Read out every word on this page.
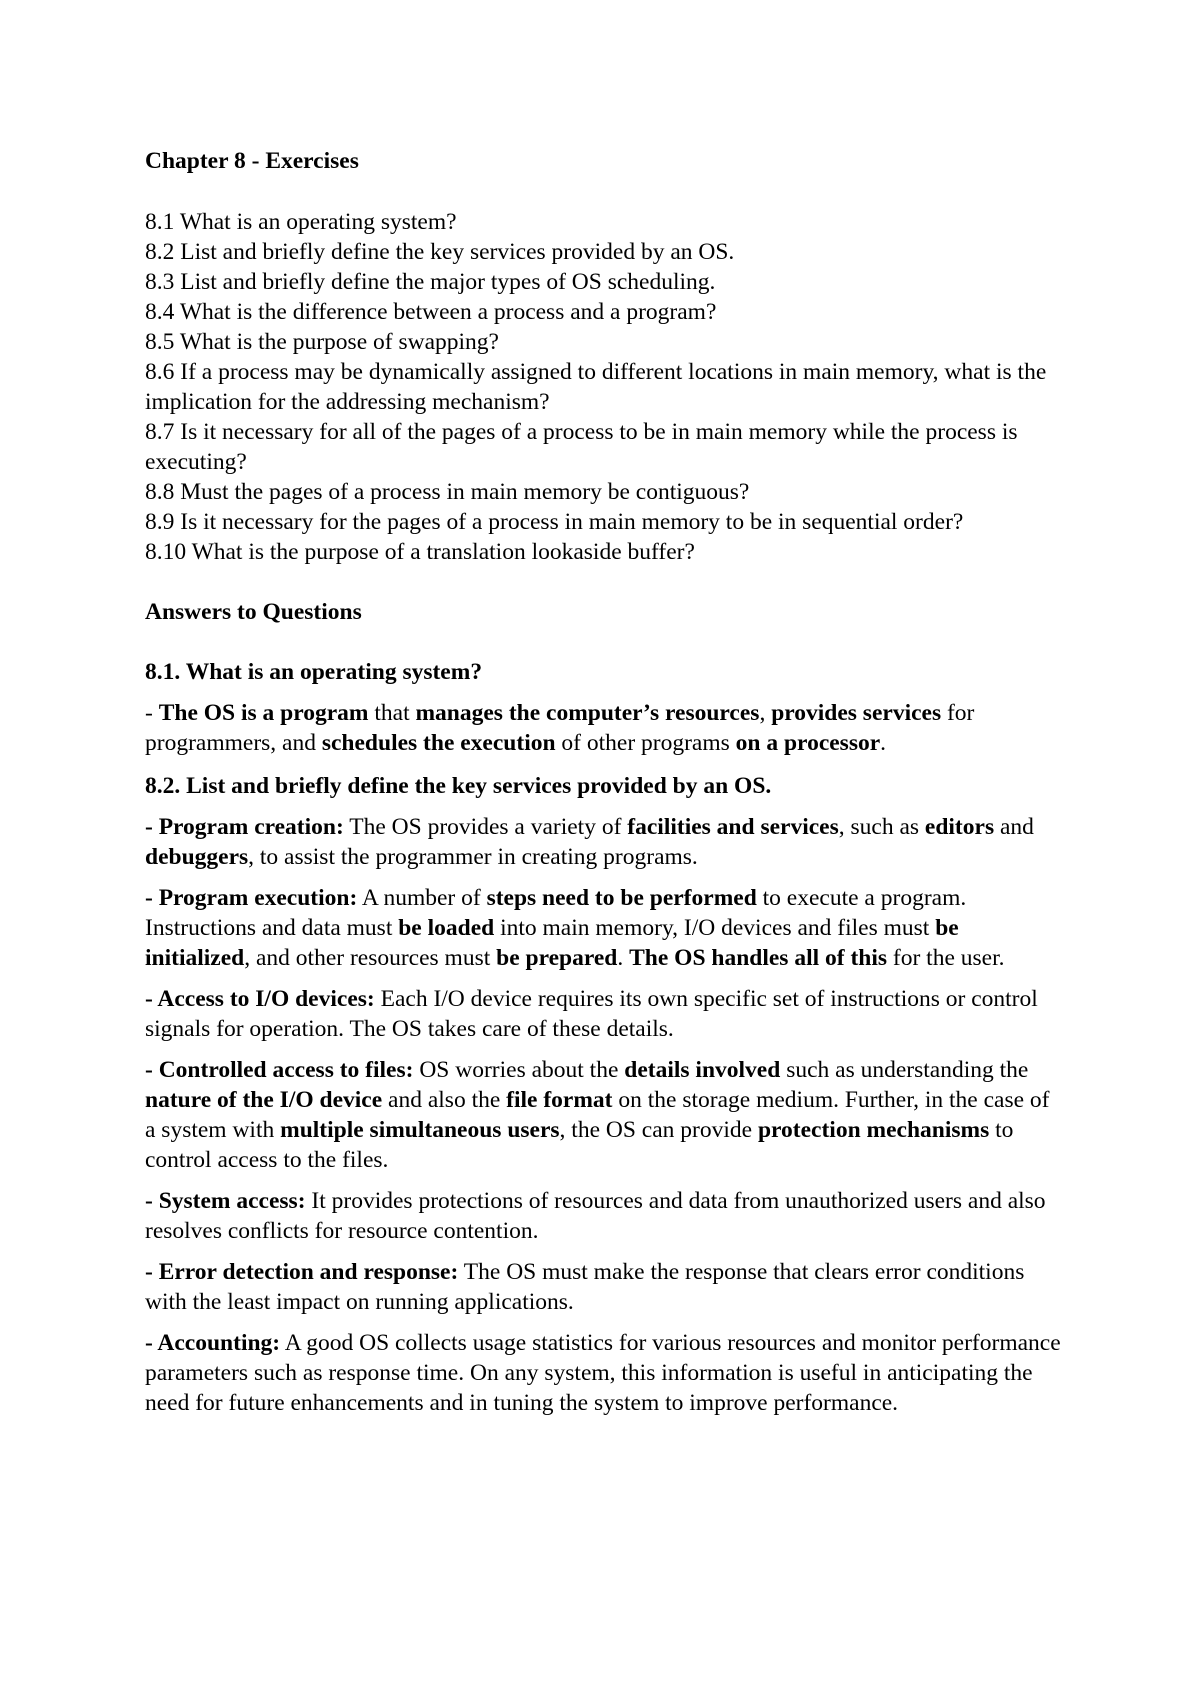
Chapter 8 - Exercises
8.1 What is an operating system?
8.2 List and briefly define the key services provided by an OS.
8.3 List and briefly define the major types of OS scheduling.
8.4 What is the difference between a process and a program?
8.5 What is the purpose of swapping?
8.6 If a process may be dynamically assigned to different locations in main memory, what is the implication for the addressing mechanism?
8.7 Is it necessary for all of the pages of a process to be in main memory while the process is executing?
8.8 Must the pages of a process in main memory be contiguous?
8.9 Is it necessary for the pages of a process in main memory to be in sequential order?
8.10 What is the purpose of a translation lookaside buffer?
Answers to Questions
8.1. What is an operating system?
- The OS is a program that manages the computer’s resources, provides services for programmers, and schedules the execution of other programs on a processor.
8.2. List and briefly define the key services provided by an OS.
- Program creation: The OS provides a variety of facilities and services, such as editors and debuggers, to assist the programmer in creating programs.
- Program execution: A number of steps need to be performed to execute a program. Instructions and data must be loaded into main memory, I/O devices and files must be initialized, and other resources must be prepared. The OS handles all of this for the user.
- Access to I/O devices: Each I/O device requires its own specific set of instructions or control signals for operation. The OS takes care of these details.
- Controlled access to files: OS worries about the details involved such as understanding the nature of the I/O device and also the file format on the storage medium. Further, in the case of a system with multiple simultaneous users, the OS can provide protection mechanisms to control access to the files.
- System access: It provides protections of resources and data from unauthorized users and also resolves conflicts for resource contention.
- Error detection and response: The OS must make the response that clears error conditions with the least impact on running applications.
- Accounting: A good OS collects usage statistics for various resources and monitor performance parameters such as response time. On any system, this information is useful in anticipating the need for future enhancements and in tuning the system to improve performance.
